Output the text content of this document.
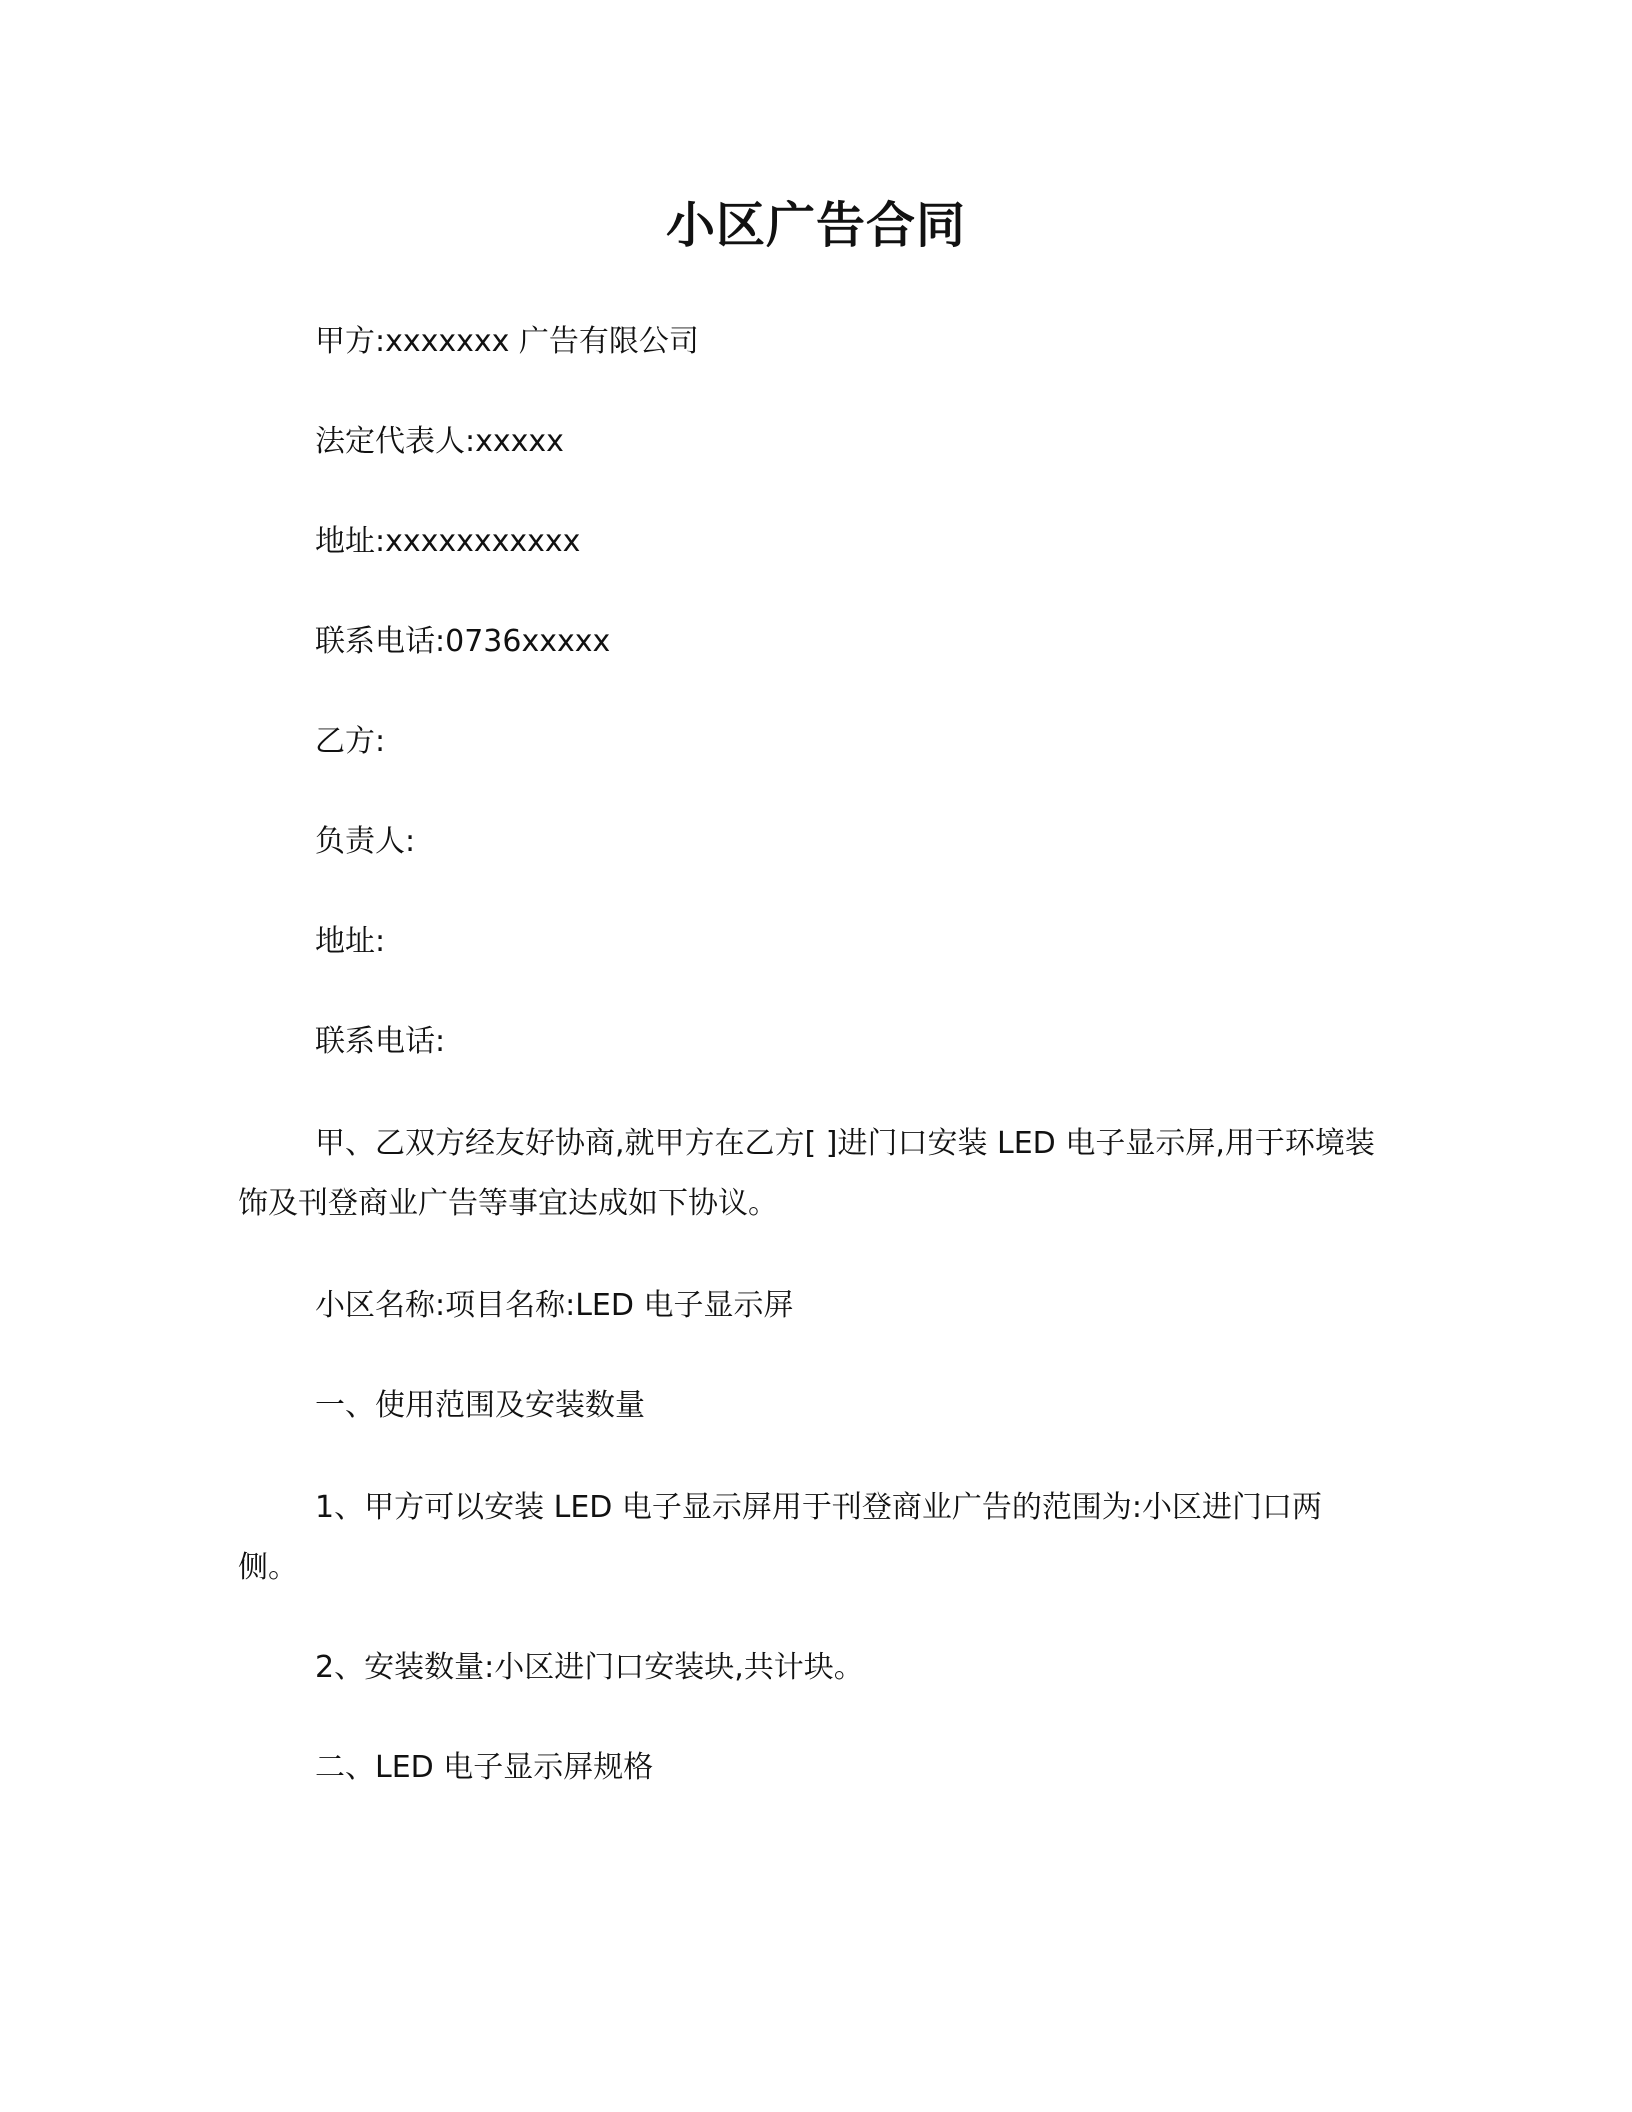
小区广告合同
甲方:xxxxxxx 广告有限公司
法定代表人:xxxxx
地址:xxxxxxxxxxx
联系电话:0736xxxxx
乙方:
负责人:
地址:
联系电话:
甲、乙双方经友好协商,就甲方在乙方[ ]进门口安装 LED 电子显示屏,用于环境装饰及刊登商业广告等事宜达成如下协议。
小区名称:项目名称:LED 电子显示屏
一、使用范围及安装数量
1、甲方可以安装 LED 电子显示屏用于刊登商业广告的范围为:小区进门口两侧。
2、安装数量:小区进门口安装块,共计块。
二、LED 电子显示屏规格
